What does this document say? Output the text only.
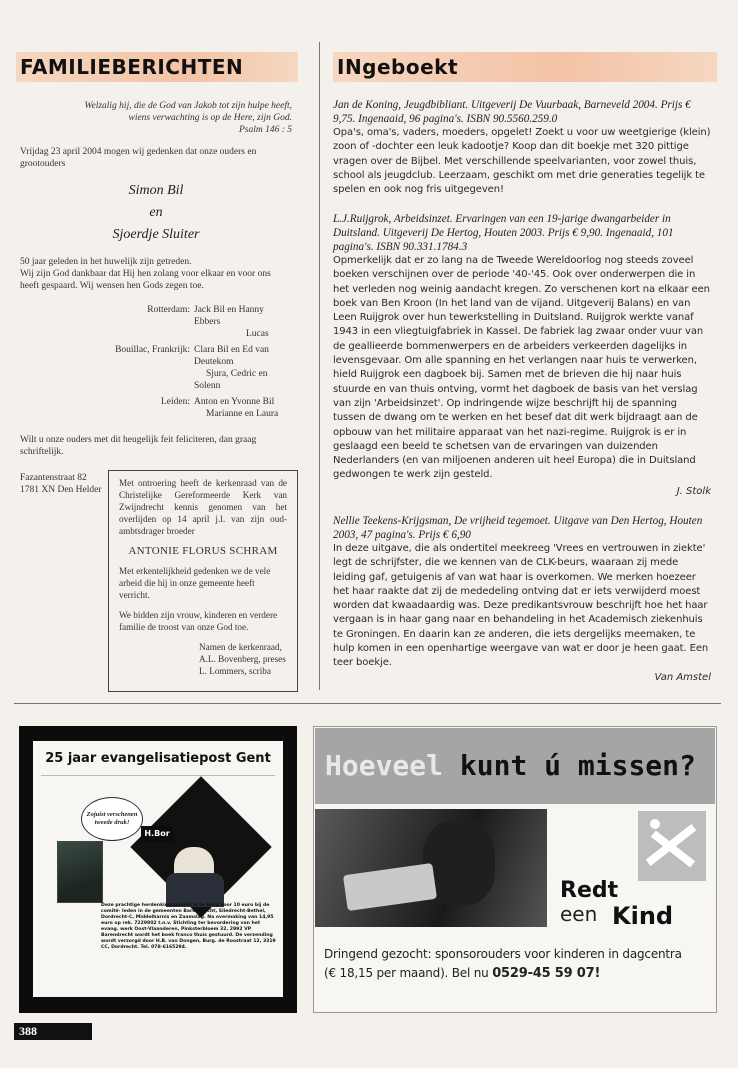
FAMILIEBERICHTEN	INgeboekt

Welzalig hij, die de God van Jakob tot zijn hulpe heeft,

wiens verwachting is op de Here, zijn God.

Psalm 146 : 5

Vrijdag 23 april 2004 mogen wij gedenken dat onze ouders en grootouders

Simon Bil

en

Sjoerdje Sluiter

50 jaar geleden in het huwelijk zijn getreden.

Wij zijn God dankbaar dat Hij hen zolang voor elkaar en voor ons heeft gespaard. Wij wensen hen Gods zegen toe.

Rotterdam: Jack Bil en Hanny Ebbers
Lucas
Bouillac, Frankrijk: Clara Bil en Ed van Deutekom
Sjura, Cedric en Solenn
Leiden: Anton en Yvonne Bil
Marianne en Laura

Wilt u onze ouders met dit heugelijk feit feliciteren, dan graag schriftelijk.

Fazantenstraat 82

1781 XN Den Helder

Met ontroering heeft de kerkenraad van de Christelijke Gereformeerde Kerk van Zwijndrecht kennis genomen van het overlijden op 14 april j.l. van zijn oud-ambtsdrager broeder

ANTONIE FLORUS SCHRAM

Met erkentelijkheid gedenken we de vele arbeid die hij in onze gemeente heeft verricht.

We bidden zijn vrouw, kinderen en verdere familie de troost van onze God toe.

Namen de kerkenraad,

A.L. Bovenberg, preses

L. Lommers, scriba

Jan de Koning, Jeugdbibliant. Uitgeverij De Vuurbaak, Barneveld 2004. Prijs € 9,75. Ingenaaid, 96 pagina's. ISBN 90.5560.259.0
Opa's, oma's, vaders, moeders, opgelet! Zoekt u voor uw weetgierige (klein) zoon of -dochter een leuk kadootje? Koop dan dit boekje met 320 pittige vragen over de Bijbel. Met verschillende speelvarianten, voor zowel thuis, school als jeugdclub. Leerzaam, geschikt om met drie generaties tegelijk te spelen en ook nog fris uitgegeven!
L.J.Ruijgrok, Arbeidsinzet. Ervaringen van een 19-jarige dwangarbeider in Duitsland. Uitgeverij De Hertog, Houten 2003. Prijs € 9,90. Ingenaaid, 101 pagina's. ISBN 90.331.1784.3
Opmerkelijk dat er zo lang na de Tweede Wereldoorlog nog steeds zoveel boeken verschijnen over de periode '40-'45. Ook over onderwerpen die in het verleden nog weinig aandacht kregen. Zo verschenen kort na elkaar een boek van Ben Kroon (In het land van de vijand. Uitgeverij Balans) en van Leen Ruijgrok over hun tewerkstelling in Duitsland. Ruijgrok werkte vanaf 1943 in een vliegtuigfabriek in Kassel. De fabriek lag zwaar onder vuur van de geallieerde bommenwerpers en de arbeiders verkeerden dagelijks in levensgevaar. Om alle spanning en het verlangen naar huis te verwerken, hield Ruijgrok een dagboek bij. Samen met de brieven die hij naar huis stuurde en van thuis ontving, vormt het dagboek de basis van het verslag van zijn 'Arbeidsinzet'. Op indringende wijze beschrijft hij de spanning tussen de dwang om te werken en het besef dat dit werk bijdraagt aan de opbouw van het militaire apparaat van het nazi-regime. Ruijgrok is er in geslaagd een beeld te schetsen van de ervaringen van duizenden Nederlanders (en van miljoenen anderen uit heel Europa) die in Duitsland gedwongen te werk zijn gesteld.
J. Stolk
Nellie Teekens-Krijgsman, De vrijheid tegemoet. Uitgave van Den Hertog, Houten 2003, 47 pagina's. Prijs € 6,90
In deze uitgave, die als ondertitel meekreeg 'Vrees en vertrouwen in ziekte' legt de schrijfster, die we kennen van de CLK-beurs, waaraan zij mede leiding gaf, getuigenis af van wat haar is overkomen. We merken hoezeer het haar raakte dat zij de mededeling ontving dat er iets verwijderd moest worden dat kwaadaardig was. Deze predikantsvrouw beschrijft hoe het haar vergaan is in haar gang naar en behandeling in het Academisch ziekenhuis te Groningen. En daarin kan ze anderen, die iets dergelijks meemaken, te hulp komen in een openhartige weergave van wat er door je heen gaat. Een teer boekje.
Van Amstel
25 jaar evangelisatiepost Gent
H.Bor
Zojuist verschenen tweede druk!
Deze prachtige herdenkingsbundel is te koop voor 10 euro bij de comité- leden in de gemeenten Barendrecht, Sliedrecht-Bethel, Dordrecht-C, Middelharnis en Zaamslag. Na overmaking van 14,95 euro op rek. 7229802 t.n.v. Stichting ter bevordering van het evang. werk Oost-Vlaanderen, Pinksterbloem 32, 2992 VP Barendrecht wordt het boek franco thuis gestuurd. De verzending wordt verzorgd door H.B. van Dongen, Burg. de Roostraat 12, 3319 CC, Dordrecht. Tel. 078-6165294.
Hoeveel kunt ú missen?
Redt
een Kind
Dringend gezocht: sponsorouders voor kinderen in dagcentra
(€ 18,15 per maand). Bel nu 0529-45 59 07!
388
